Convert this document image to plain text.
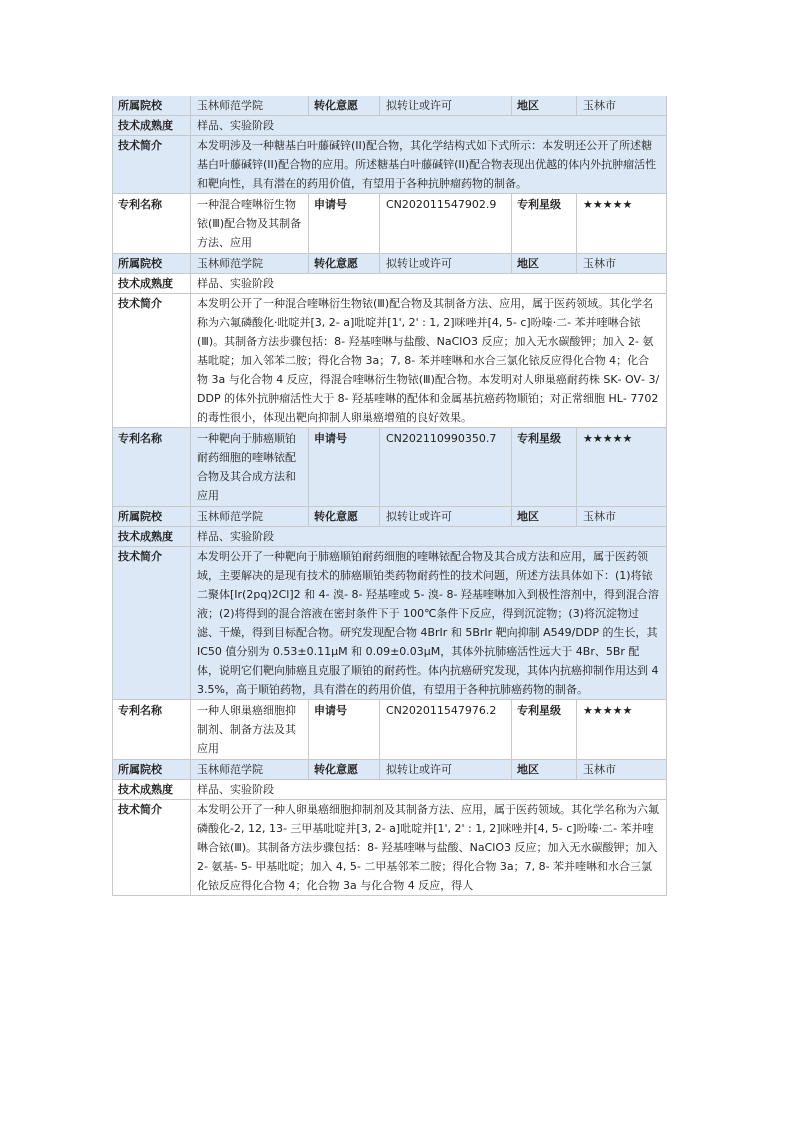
所属院校	玉林师范学院	转化意愿	拟转让或许可	地区	玉林市
技术成熟度	样品、实验阶段				
技术简介	本发明涉及一种糖基白叶藤碱锌(II)配合物，其化学结构式如下式所示：本发明还公开了所述糖基白叶藤碱锌(II)配合物的应用。所述糖基白叶藤碱锌(II)配合物表现出优越的体内外抗肿瘤活性和靶向性，具有潜在的药用价值，有望用于各种抗肿瘤药物的制备。				
专利名称	一种混合喹啉衍生物铱(Ⅲ)配合物及其制备方法、应用	申请号	CN202011547902.9	专利星级	★★★★★
所属院校	玉林师范学院	转化意愿	拟转让或许可	地区	玉林市
技术成熟度	样品、实验阶段				
技术简介	本发明公开了一种混合喹啉衍生物铱(Ⅲ)配合物及其制备方法、应用，属于医药领域。其化学名称为六氟磷酸化·吡啶并[3, 2‐ a]吡啶并[1', 2' : 1, 2]咪唑并[4, 5‐ c]吩嗪·二‐ 苯并喹啉合铱(Ⅲ)。其制备方法步骤包括：8‐ 羟基喹啉与盐酸、NaClO3 反应；加入无水碳酸钾；加入 2‐ 氨基吡啶；加入邻苯二胺；得化合物 3a；7, 8‐ 苯并喹啉和水合三氯化铱反应得化合物 4；化合物 3a 与化合物 4 反应，得混合喹啉衍生物铱(Ⅲ)配合物。本发明对人卵巢癌耐药株 SK‐ OV‐ 3/DDP 的体外抗肿瘤活性大于 8‐ 羟基喹啉的配体和金属基抗癌药物顺铂；对正常细胞 HL‐ 7702 的毒性很小，体现出靶向抑制人卵巢癌增殖的良好效果。				
专利名称	一种靶向于肺癌顺铂耐药细胞的喹啉铱配合物及其合成方法和应用	申请号	CN202110990350.7	专利星级	★★★★★
所属院校	玉林师范学院	转化意愿	拟转让或许可	地区	玉林市
技术成熟度	样品、实验阶段				
技术简介	本发明公开了一种靶向于肺癌顺铂耐药细胞的喹啉铱配合物及其合成方法和应用，属于医药领域，主要解决的是现有技术的肺癌顺铂类药物耐药性的技术问题，所述方法具体如下：(1)将铱二聚体[Ir(2pq)2Cl]2 和 4‐ 溴‐ 8‐ 羟基喹或 5‐ 溴‐ 8‐ 羟基喹啉加入到极性溶剂中，得到混合溶液；(2)将得到的混合溶液在密封条件下于 100℃条件下反应，得到沉淀物；(3)将沉淀物过滤、干燥，得到目标配合物。研究发现配合物 4BrIr 和 5BrIr 靶向抑制 A549/DDP 的生长，其 IC50 值分别为 0.53±0.11μM 和 0.09±0.03μM，其体外抗肺癌活性远大于 4Br、5Br 配体，说明它们靶向肺癌且克服了顺铂的耐药性。体内抗癌研究发现，其体内抗癌抑制作用达到 43.5%，高于顺铂药物，具有潜在的药用价值，有望用于各种抗肺癌药物的制备。				
专利名称	一种人卵巢癌细胞抑制剂、制备方法及其应用	申请号	CN202011547976.2	专利星级	★★★★★
所属院校	玉林师范学院	转化意愿	拟转让或许可	地区	玉林市
技术成熟度	样品、实验阶段				
技术简介	本发明公开了一种人卵巢癌细胞抑制剂及其制备方法、应用，属于医药领域。其化学名称为六氟磷酸化‐2, 12, 13‐ 三甲基吡啶并[3, 2‐ a]吡啶并[1', 2' : 1, 2]咪唑并[4, 5‐ c]吩嗪·二‐ 苯并喹啉合铱(Ⅲ)。其制备方法步骤包括：8‐ 羟基喹啉与盐酸、NaClO3 反应；加入无水碳酸钾；加入 2‐ 氨基‐ 5‐ 甲基吡啶；加入 4, 5‐ 二甲基邻苯二胺；得化合物 3a；7, 8‐ 苯并喹啉和水合三氯化铱反应得化合物 4；化合物 3a 与化合物 4 反应，得人				
